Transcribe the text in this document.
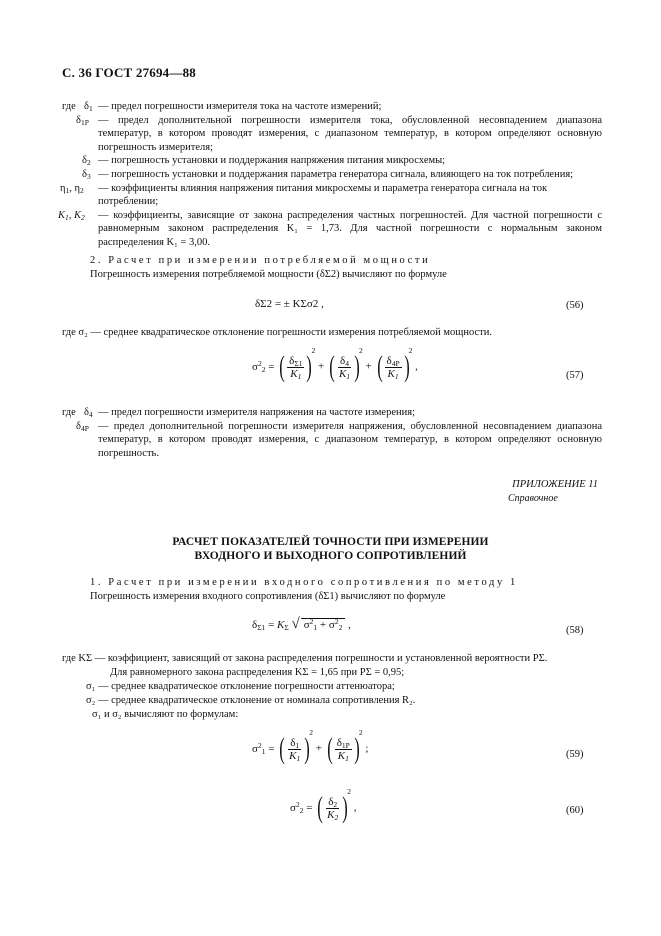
С. 36 ГОСТ 27694—88
где $\delta_1$ — предел погрешности измерителя тока на частоте измерений;
$\delta_{1Р}$ — предел дополнительной погрешности измерителя тока, обусловленной несовпадением диапазона температур, в котором проводят измерения, с диапазоном температур, в котором определяют основную погрешность измерителя;
$\delta_2$ — погрешность установки и поддержания напряжения питания микросхемы;
$\delta_3$ — погрешность установки и поддержания параметра генератора сигнала, влияющего на ток потребления;
$\eta_1$, $\eta_2$ — коэффициенты влияния напряжения питания микросхемы и параметра генератора сигнала на ток потреблении;
$K_1$, $K_2$ — коэффициенты, зависящие от закона распределения частных погрешностей. Для частной погрешности с равномерным законом распределения K₁ = 1,73. Для частной погрешности с нормальным законом распределения K₁ = 3,00.
2. Расчет при измерении потребляемой мощности
Погрешность измерения потребляемой мощности (δΣ2) вычисляют по формуле
δΣ2 = ± KΣσ2 ,	(56)
где σ₂ — среднее квадратическое отклонение погрешности измерения потребляемой мощности.
$\sigma^2_2$ = ( $\frac{\delta_{\Sigma 1}}{K_1} )2$ + ( $\frac{\delta_4}{K_1} )2$ + ( $\frac{\delta_{4P}}{K_1} )2$ ,
(57)
где $\delta_4$ — предел погрешности измерителя напряжения на частоте измерения;
$\delta_{4Р}$ — предел дополнительной погрешности измерителя напряжения, обусловленной несовпадением диапазона температур, в котором проводят измерения, с диапазоном температур, в котором определяют основную погрешность.
ПРИЛОЖЕНИЕ 11
Справочное
РАСЧЕТ ПОКАЗАТЕЛЕЙ ТОЧНОСТИ ПРИ ИЗМЕРЕНИИ
ВХОДНОГО И ВЫХОДНОГО СОПРОТИВЛЕНИЙ
1. Расчет при измерении входного сопротивления по методу 1
Погрешность измерения входного сопротивления (δΣ1) вычисляют по формуле
$\delta_{\Sigma 1} = K_\Sigma$ √ $\sigma^2_1 + \sigma^2_2$ ,	(58)
где KΣ — коэффициент, зависящий от закона распределения погрешности и установленной вероятности PΣ.
Для равномерного закона распределения KΣ = 1,65 при PΣ = 0,95;
σ₁ — среднее квадратическое отклонение погрешности аттенюатора;
σ₂ — среднее квадратическое отклонение от номинала сопротивления R₂.
σ₁ и σ₂ вычисляют по формулам:
$\sigma^2_1$ = ( $\frac{\delta_1}{K_1} )2$ + ( $\frac{\delta_{1P}}{K_1} )2$ ;	(59)
$\sigma^2_2$ = ( $\frac{\delta_2}{K_2} )2$ ,	(60)
